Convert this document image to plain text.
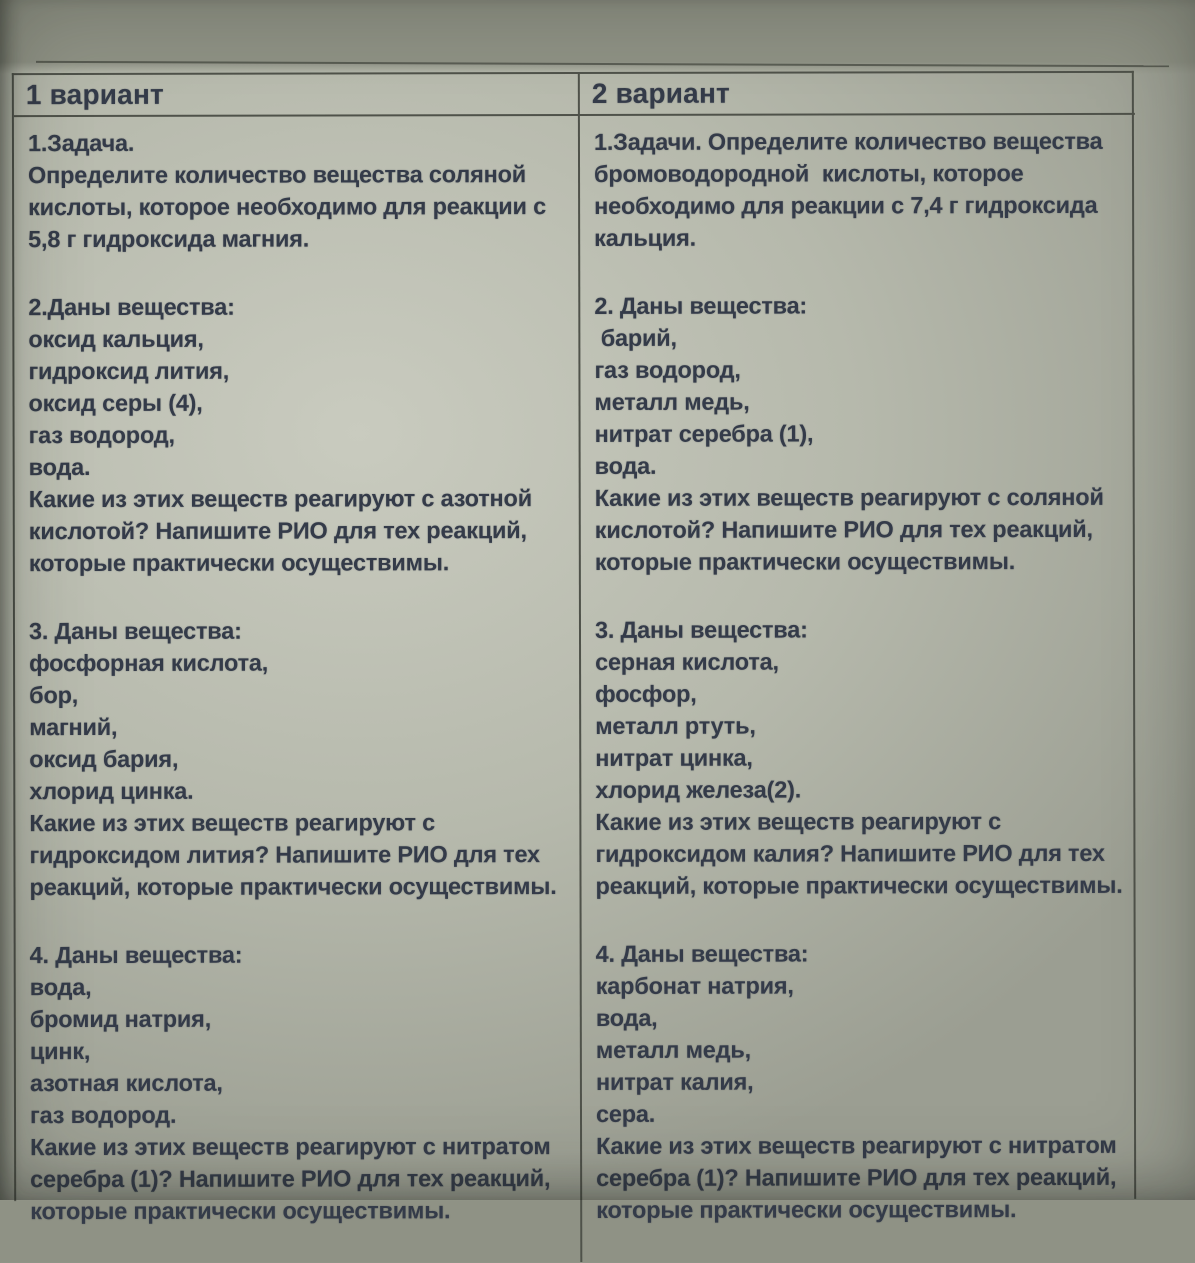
1 вариант	2 вариант
1.Задача.
Определите количество вещества соляной
кислоты, которое необходимо для реакции с
5,8 г гидроксида магния.
2.Даны вещества:
оксид кальция,
гидроксид лития,
оксид серы (4),
газ водород,
вода.
Какие из этих веществ реагируют с азотной
кислотой? Напишите РИО для тех реакций,
которые практически осуществимы.
3. Даны вещества:
фосфорная кислота,
бор,
магний,
оксид бария,
хлорид цинка.
Какие из этих веществ реагируют с
гидроксидом лития? Напишите РИО для тех
реакций, которые практически осуществимы.
4. Даны вещества:
вода,
бромид натрия,
цинк,
азотная кислота,
газ водород.
Какие из этих веществ реагируют с нитратом
серебра (1)? Напишите РИО для тех реакций,
которые практически осуществимы.
1.Задачи. Определите количество вещества
бромоводородной  кислоты, которое
необходимо для реакции с 7,4 г гидроксида
кальция.
2. Даны вещества:
барий,
газ водород,
металл медь,
нитрат серебра (1),
вода.
Какие из этих веществ реагируют с соляной
кислотой? Напишите РИО для тех реакций,
которые практически осуществимы.
3. Даны вещества:
серная кислота,
фосфор,
металл ртуть,
нитрат цинка,
хлорид железа(2).
Какие из этих веществ реагируют с
гидроксидом калия? Напишите РИО для тех
реакций, которые практически осуществимы.
4. Даны вещества:
карбонат натрия,
вода,
металл медь,
нитрат калия,
сера.
Какие из этих веществ реагируют с нитратом
серебра (1)? Напишите РИО для тех реакций,
которые практически осуществимы.
